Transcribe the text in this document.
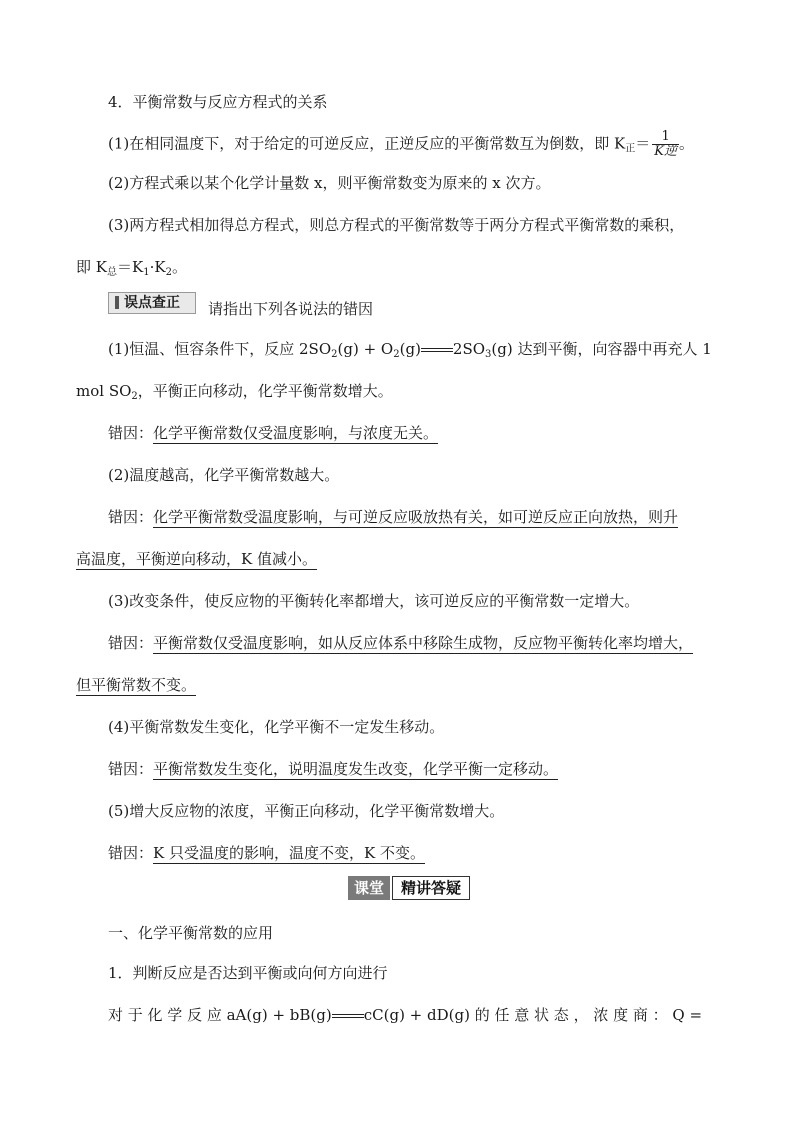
4．平衡常数与反应方程式的关系
(1)在相同温度下，对于给定的可逆反应，正逆反应的平衡常数互为倒数，即 $K_正= \frac{1}{\text{K逆}}$ 。
(2)方程式乘以某个化学计量数 x，则平衡常数变为原来的 x 次方。
(3)两方程式相加得总方程式，则总方程式的平衡常数等于两分方程式平衡常数的乘积，
即 $K_总=K_1\cdot K_2$。
误点查正	请指出下列各说法的错因
(1)恒温、恒容条件下，反应 $2SO_2(g) + O_2(g)$ $2SO_3(g)$ 达到平衡，向容器中再充人 1
mol $SO_2$，平衡正向移动，化学平衡常数增大。
错因：化学平衡常数仅受温度影响，与浓度无关。
(2)温度越高，化学平衡常数越大。
错因：化学平衡常数受温度影响，与可逆反应吸放热有关，如可逆反应正向放热，则升
高温度，平衡逆向移动，K 值减小。
(3)改变条件，使反应物的平衡转化率都增大，该可逆反应的平衡常数一定增大。
错因：平衡常数仅受温度影响，如从反应体系中移除生成物，反应物平衡转化率均增大，
但平衡常数不变。
(4)平衡常数发生变化，化学平衡不一定发生移动。
错因：平衡常数发生变化，说明温度发生改变，化学平衡一定移动。
(5)增大反应物的浓度，平衡正向移动，化学平衡常数增大。
错因：K 只受温度的影响，温度不变，K 不变。
课堂	精讲答疑
一、化学平衡常数的应用
1．判断反应是否达到平衡或向何方向进行
对 于 化 学 反 应 aA(g) + bB(g) cC(g) + dD(g) 的 任 意 状 态 ， 浓 度 商 ： Q =
